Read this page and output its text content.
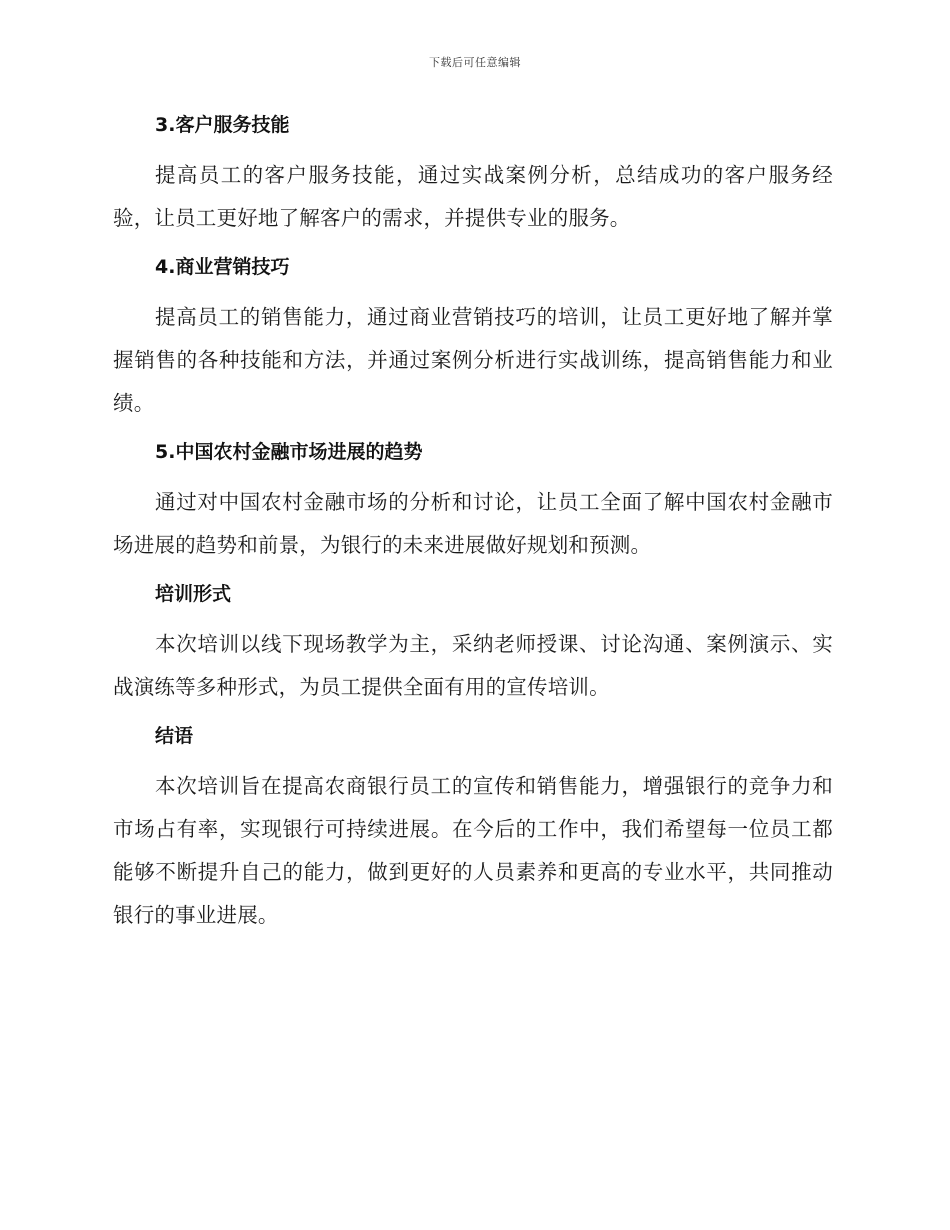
下载后可任意编辑
3.客户服务技能

提高员工的客户服务技能，通过实战案例分析，总结成功的客户服务经验，让员工更好地了解客户的需求，并提供专业的服务。

4.商业营销技巧

提高员工的销售能力，通过商业营销技巧的培训，让员工更好地了解并掌握销售的各种技能和方法，并通过案例分析进行实战训练，提高销售能力和业绩。

5.中国农村金融市场进展的趋势

通过对中国农村金融市场的分析和讨论，让员工全面了解中国农村金融市场进展的趋势和前景，为银行的未来进展做好规划和预测。

培训形式

本次培训以线下现场教学为主，采纳老师授课、讨论沟通、案例演示、实战演练等多种形式，为员工提供全面有用的宣传培训。

结语

本次培训旨在提高农商银行员工的宣传和销售能力，增强银行的竞争力和市场占有率，实现银行可持续进展。在今后的工作中，我们希望每一位员工都能够不断提升自己的能力，做到更好的人员素养和更高的专业水平，共同推动银行的事业进展。
